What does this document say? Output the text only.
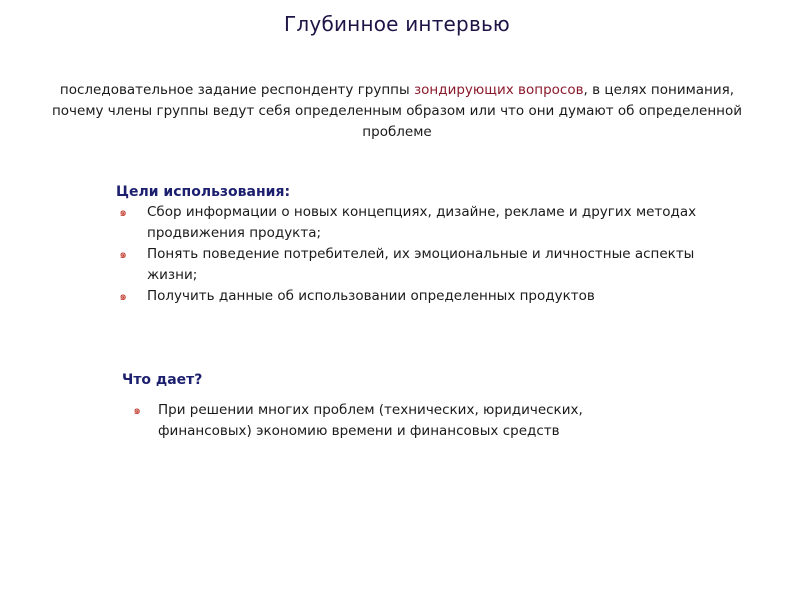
Глубинное интервью
последовательное задание респонденту группы зондирующих вопросов, в целях понимания, почему члены группы ведут себя определенным образом или что они думают об определенной проблеме
Цели использования:
๑ Сбор информации о новых концепциях, дизайне, рекламе и других методах продвижения продукта;
๑ Понять поведение потребителей, их эмоциональные и личностные аспекты жизни;
๑ Получить данные об использовании определенных продуктов
Что дает?
๑ При решении многих проблем (технических, юридических, финансовых) экономию времени и финансовых средств
